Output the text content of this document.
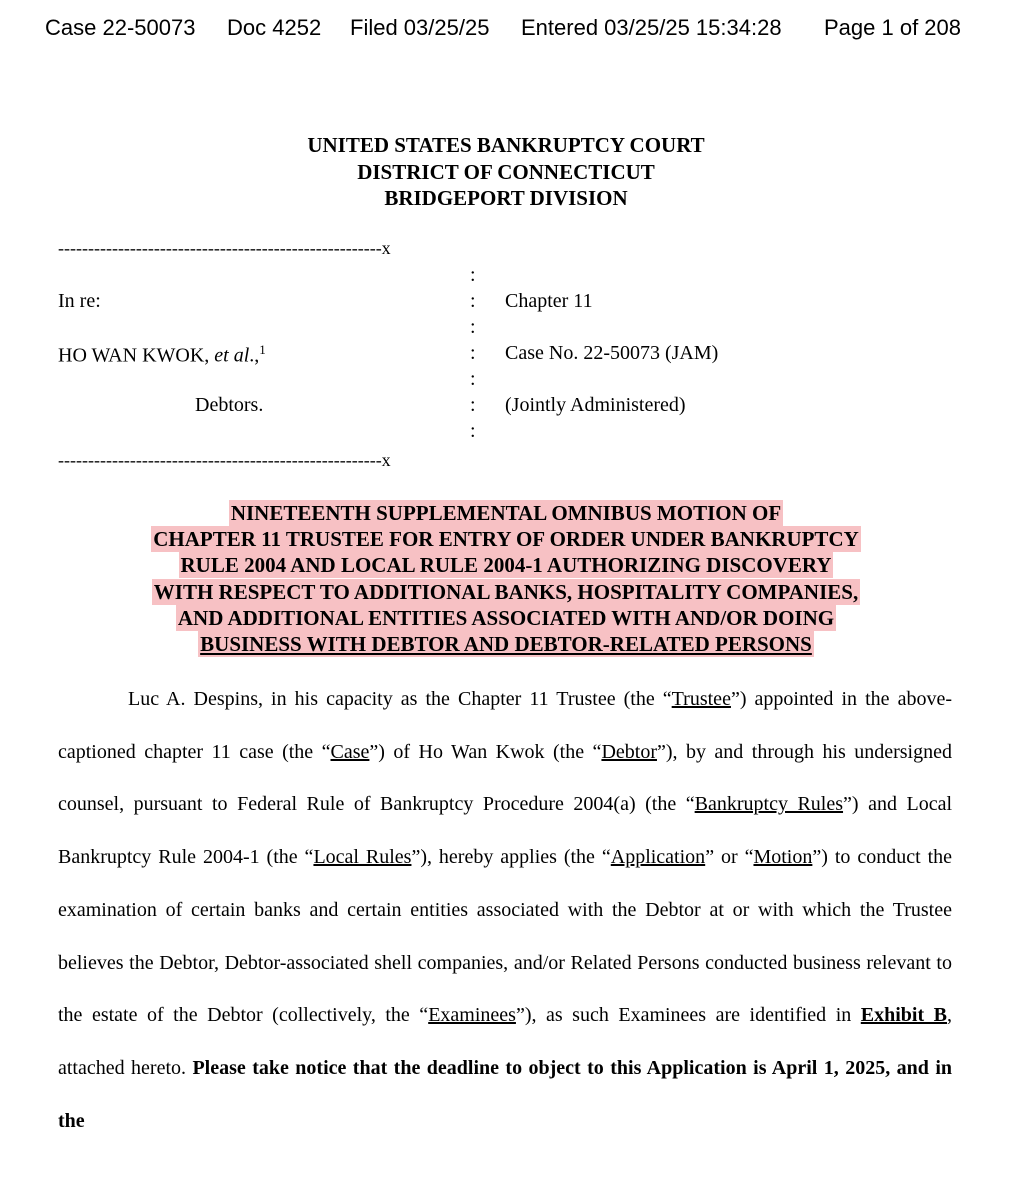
Case 22-50073 Doc 4252 Filed 03/25/25 Entered 03/25/25 15:34:28 Page 1 of 208
UNITED STATES BANKRUPTCY COURT
DISTRICT OF CONNECTICUT
BRIDGEPORT DIVISION
------------------------------------------------------x
:
:
:
:
:
:
:
------------------------------------------------------x
In re:
HO WAN KWOK, et al.,$^1$
Debtors.
Chapter 11
Case No. 22-50073 (JAM)
(Jointly Administered)
NINETEENTH SUPPLEMENTAL OMNIBUS MOTION OF
CHAPTER 11 TRUSTEE FOR ENTRY OF ORDER UNDER BANKRUPTCY
RULE 2004 AND LOCAL RULE 2004-1 AUTHORIZING DISCOVERY
WITH RESPECT TO ADDITIONAL BANKS, HOSPITALITY COMPANIES,
AND ADDITIONAL ENTITIES ASSOCIATED WITH AND/OR DOING
BUSINESS WITH DEBTOR AND DEBTOR-RELATED PERSONS

Luc A. Despins, in his capacity as the Chapter 11 Trustee (the “Trustee”) appointed in the above-captioned chapter 11 case (the “Case”) of Ho Wan Kwok (the “Debtor”), by and through his undersigned counsel, pursuant to Federal Rule of Bankruptcy Procedure 2004(a) (the “Bankruptcy Rules”) and Local Bankruptcy Rule 2004-1 (the “Local Rules”), hereby applies (the “Application” or “Motion”) to conduct the examination of certain banks and certain entities associated with the Debtor at or with which the Trustee believes the Debtor, Debtor-associated shell companies, and/or Related Persons conducted business relevant to the estate of the Debtor (collectively, the “Examinees”), as such Examinees are identified in Exhibit B, attached hereto. Please take notice that the deadline to object to this Application is April 1, 2025, and in the
